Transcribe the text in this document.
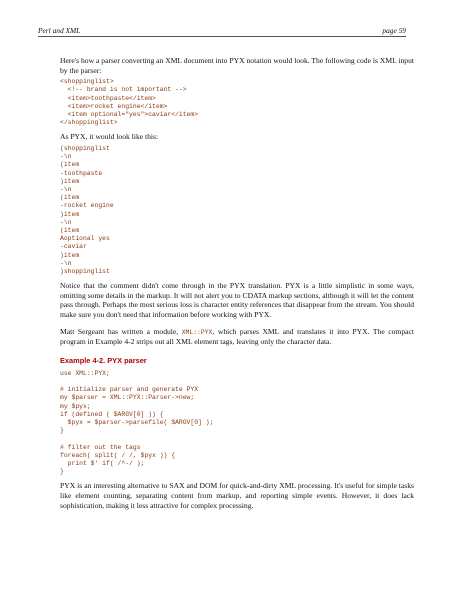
Perl and XML	page 59

Here's how a parser converting an XML document into PYX notation would look. The following code is XML input by the parser:

<shoppinglist>
<!-- brand is not important -->
<item>toothpaste</item>
<item>rocket engine</item>
<item optional="yes">caviar</item>
</shoppinglist>

As PYX, it would look like this:

(shoppinglist
-\n
(item
-toothpaste
)item
-\n
(item
-rocket engine
)item
-\n
(item
Aoptional yes
-caviar
)item
-\n
)shoppinglist

Notice that the comment didn't come through in the PYX translation. PYX is a little simplistic in some ways, omitting some details in the markup. It will not alert you to CDATA markup sections, although it will let the content pass through. Perhaps the most serious loss is character entity references that disappear from the stream. You should make sure you don't need that information before working with PYX.

Matt Sergeant has written a module, XML::PYX, which parses XML and translates it into PYX. The compact program in Example 4-2 strips out all XML element tags, leaving only the character data.

Example 4-2. PYX parser
use XML::PYX;

# initialize parser and generate PYX
my $parser = XML::PYX::Parser->new;
my $pyx;
if (defined ( $ARGV[0] )) {
$pyx = $parser->parsefile( $ARGV[0] );
}

# filter out the tags
foreach( split( / /, $pyx )) {
print $' if( /^-/ );
}

PYX is an interesting alternative to SAX and DOM for quick-and-dirty XML processing. It's useful for simple tasks like element counting, separating content from markup, and reporting simple events. However, it does lack sophistication, making it less attractive for complex processing.
